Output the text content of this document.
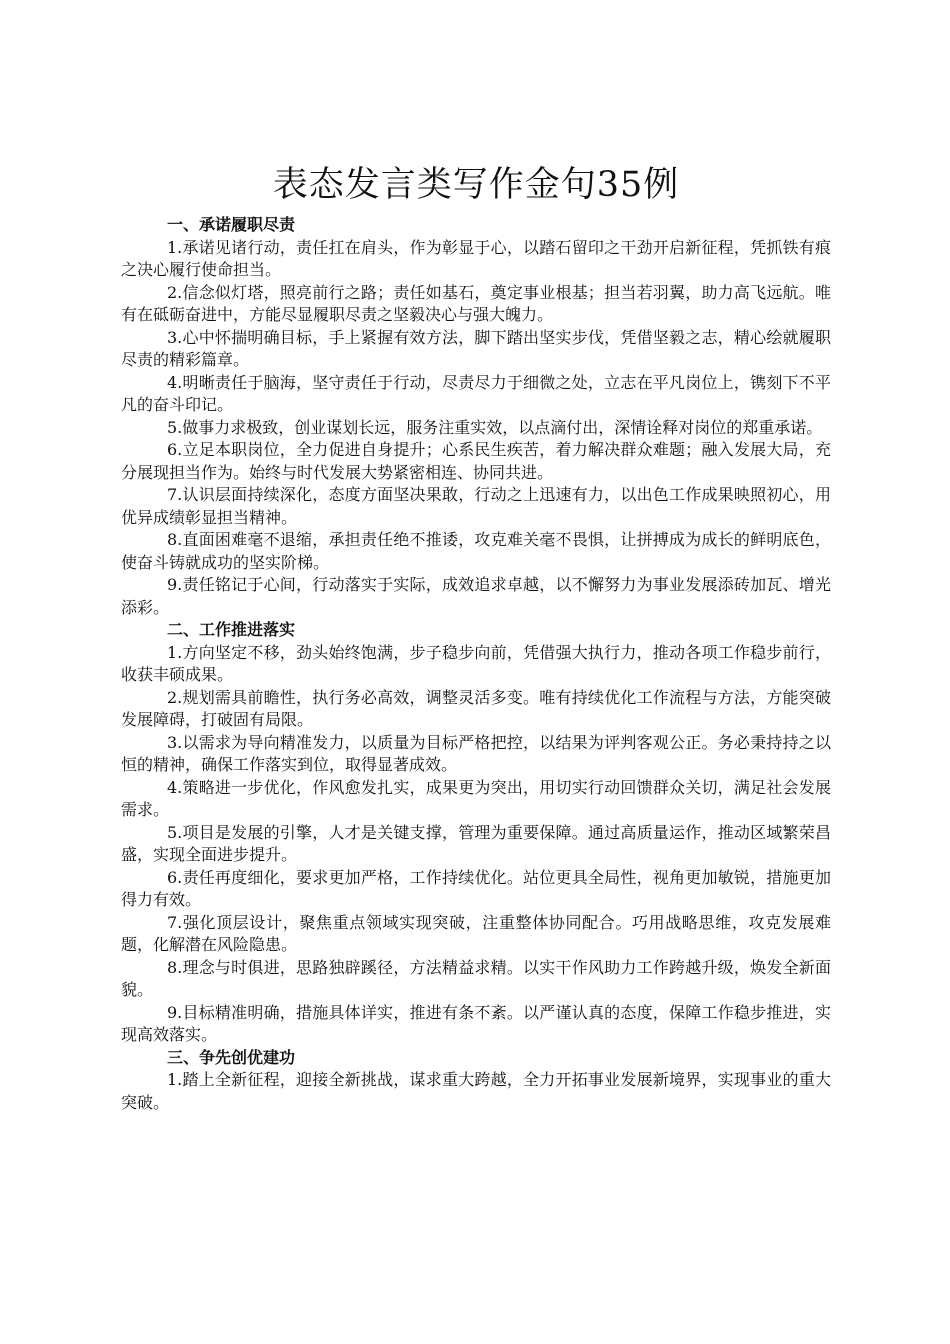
表态发言类写作金句35例

一、承诺履职尽责

1.承诺见诸行动，责任扛在肩头，作为彰显于心，以踏石留印之干劲开启新征程，凭抓铁有痕之决心履行使命担当。

2.信念似灯塔，照亮前行之路；责任如基石，奠定事业根基；担当若羽翼，助力高飞远航。唯有在砥砺奋进中，方能尽显履职尽责之坚毅决心与强大魄力。

3.心中怀揣明确目标，手上紧握有效方法，脚下踏出坚实步伐，凭借坚毅之志，精心绘就履职尽责的精彩篇章。

4.明晰责任于脑海，坚守责任于行动，尽责尽力于细微之处，立志在平凡岗位上，镌刻下不平凡的奋斗印记。

5.做事力求极致，创业谋划长远，服务注重实效，以点滴付出，深情诠释对岗位的郑重承诺。

6.立足本职岗位，全力促进自身提升；心系民生疾苦，着力解决群众难题；融入发展大局，充分展现担当作为。始终与时代发展大势紧密相连、协同共进。

7.认识层面持续深化，态度方面坚决果敢，行动之上迅速有力，以出色工作成果映照初心，用优异成绩彰显担当精神。

8.直面困难毫不退缩，承担责任绝不推诿，攻克难关毫不畏惧，让拼搏成为成长的鲜明底色，使奋斗铸就成功的坚实阶梯。

9.责任铭记于心间，行动落实于实际，成效追求卓越，以不懈努力为事业发展添砖加瓦、增光添彩。

二、工作推进落实

1.方向坚定不移，劲头始终饱满，步子稳步向前，凭借强大执行力，推动各项工作稳步前行，收获丰硕成果。

2.规划需具前瞻性，执行务必高效，调整灵活多变。唯有持续优化工作流程与方法，方能突破发展障碍，打破固有局限。

3.以需求为导向精准发力，以质量为目标严格把控，以结果为评判客观公正。务必秉持持之以恒的精神，确保工作落实到位，取得显著成效。

4.策略进一步优化，作风愈发扎实，成果更为突出，用切实行动回馈群众关切，满足社会发展需求。

5.项目是发展的引擎，人才是关键支撑，管理为重要保障。通过高质量运作，推动区域繁荣昌盛，实现全面进步提升。

6.责任再度细化，要求更加严格，工作持续优化。站位更具全局性，视角更加敏锐，措施更加得力有效。

7.强化顶层设计，聚焦重点领域实现突破，注重整体协同配合。巧用战略思维，攻克发展难题，化解潜在风险隐患。

8.理念与时俱进，思路独辟蹊径，方法精益求精。以实干作风助力工作跨越升级，焕发全新面貌。

9.目标精准明确，措施具体详实，推进有条不紊。以严谨认真的态度，保障工作稳步推进，实现高效落实。

三、争先创优建功

1.踏上全新征程，迎接全新挑战，谋求重大跨越，全力开拓事业发展新境界，实现事业的重大突破。
